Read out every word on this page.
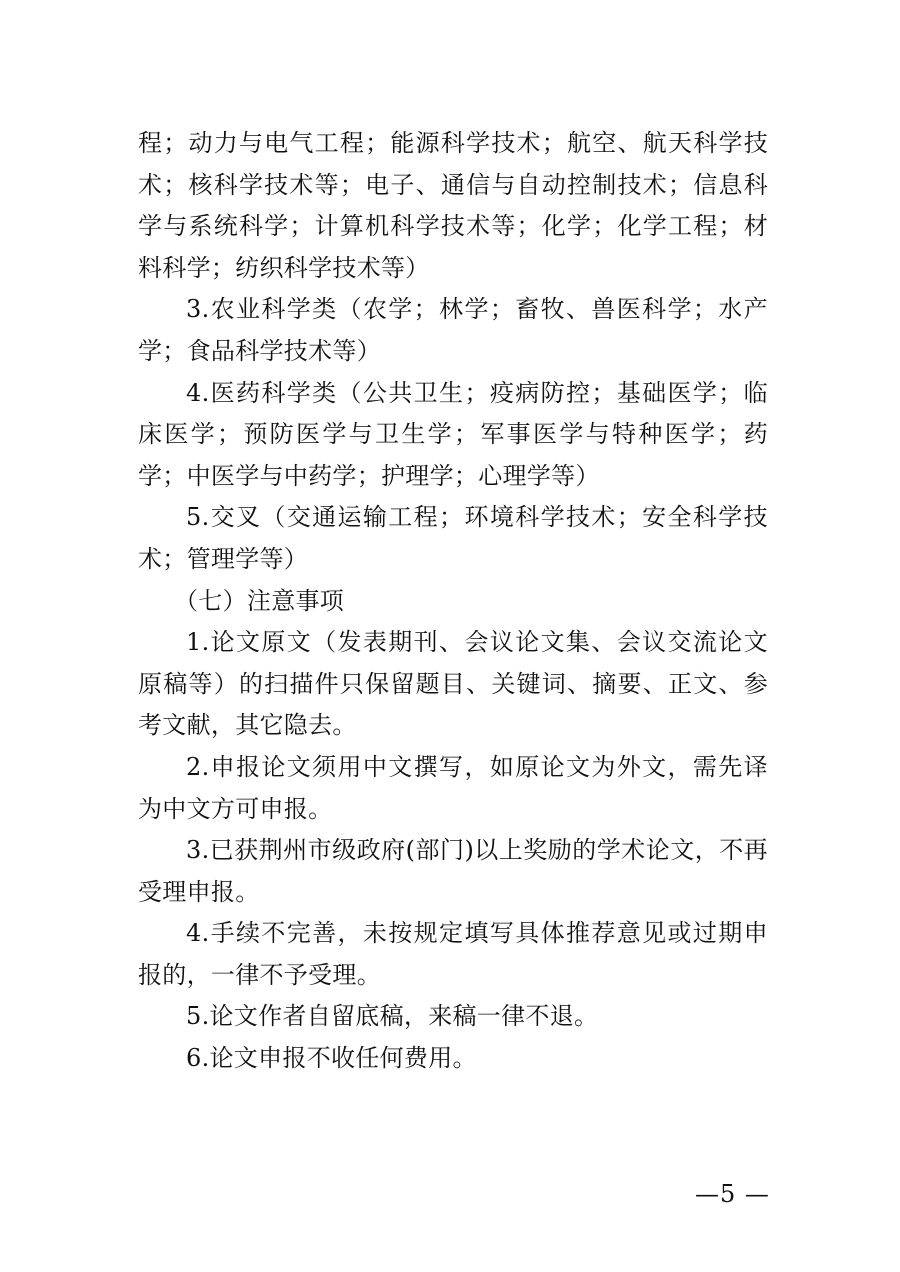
程；动力与电气工程；能源科学技术；航空、航天科学技术；核科学技术等；电子、通信与自动控制技术；信息科学与系统科学；计算机科学技术等；化学；化学工程；材料科学；纺织科学技术等）

3.农业科学类（农学；林学；畜牧、兽医科学；水产学；食品科学技术等）

4.医药科学类（公共卫生；疫病防控；基础医学；临床医学；预防医学与卫生学；军事医学与特种医学；药学；中医学与中药学；护理学；心理学等）

5.交叉（交通运输工程；环境科学技术；安全科学技术；管理学等）

（七）注意事项

1.论文原文（发表期刊、会议论文集、会议交流论文原稿等）的扫描件只保留题目、关键词、摘要、正文、参考文献，其它隐去。

2.申报论文须用中文撰写，如原论文为外文，需先译为中文方可申报。

3.已获荆州市级政府(部门)以上奖励的学术论文，不再受理申报。

4.手续不完善，未按规定填写具体推荐意见或过期申报的，一律不予受理。

5.论文作者自留底稿，来稿一律不退。

6.论文申报不收任何费用。

—5 —
